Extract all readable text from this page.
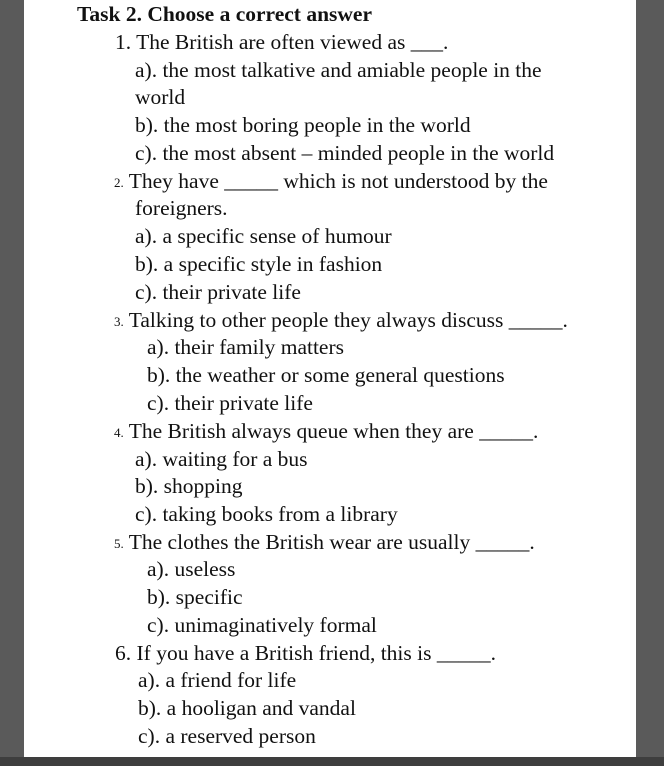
Task 2. Choose a correct answer
1. The British are often viewed as ___.
a). the most talkative and amiable people in the
world
b). the most boring people in the world
c). the most absent – minded people in the world
2. They have _____ which is not understood by the
foreigners.
a). a specific sense of humour
b). a specific style in fashion
c). their private life
3. Talking to other people they always discuss _____.
a). their family matters
b). the weather or some general questions
c). their private life
4. The British always queue when they are _____.
a). waiting for a bus
b). shopping
c). taking books from a library
5. The clothes the British wear are usually _____.
a). useless
b). specific
c). unimaginatively formal
6. If you have a British friend, this is _____.
a). a friend for life
b). a hooligan and vandal
c). a reserved person
